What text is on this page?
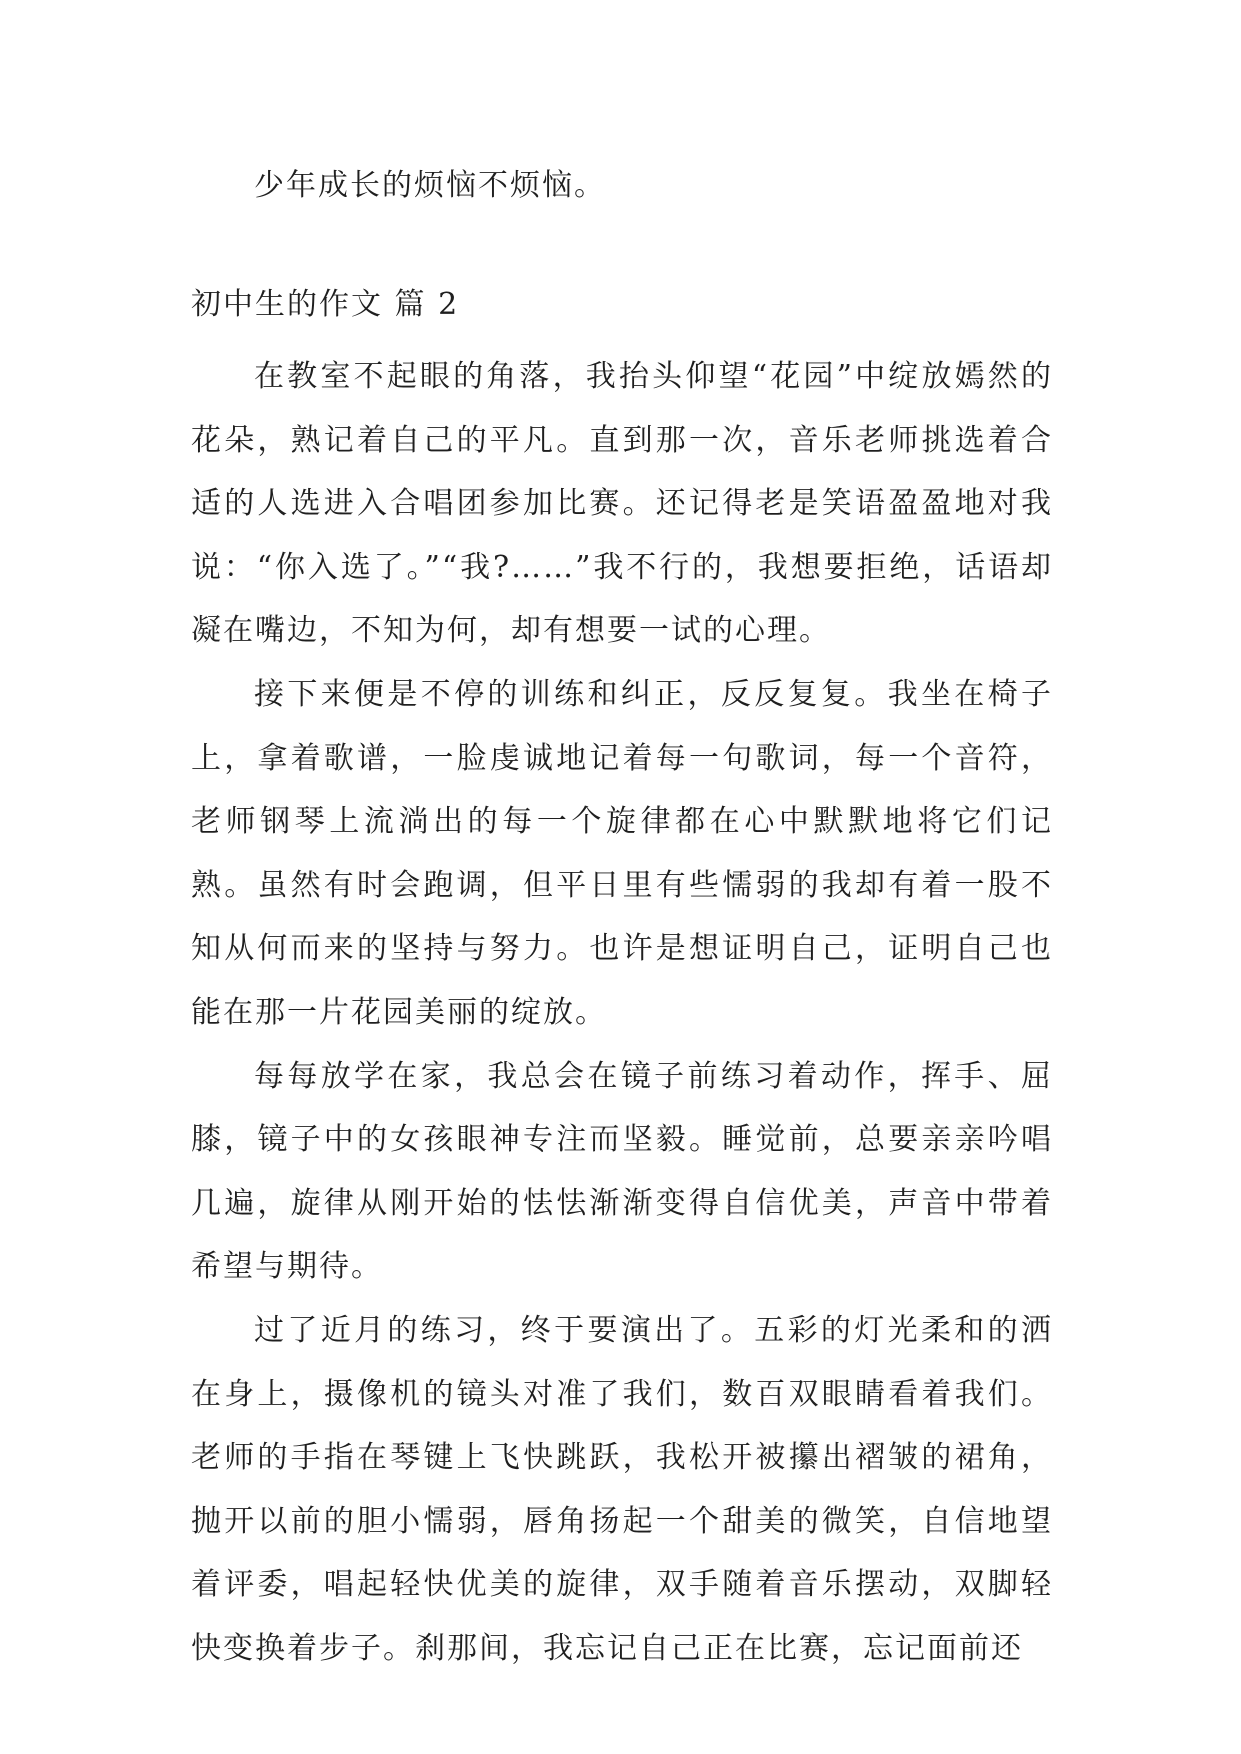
少年成长的烦恼不烦恼。

初中生的作文 篇 2

在教室不起眼的角落，我抬头仰望“花园”中绽放嫣然的花朵，熟记着自己的平凡。直到那一次，音乐老师挑选着合适的人选进入合唱团参加比赛。还记得老是笑语盈盈地对我说：“你入选了。”“我?……”我不行的，我想要拒绝，话语却凝在嘴边，不知为何，却有想要一试的心理。

接下来便是不停的训练和纠正，反反复复。我坐在椅子上，拿着歌谱，一脸虔诚地记着每一句歌词，每一个音符，老师钢琴上流淌出的每一个旋律都在心中默默地将它们记熟。虽然有时会跑调，但平日里有些懦弱的我却有着一股不知从何而来的坚持与努力。也许是想证明自己，证明自己也能在那一片花园美丽的绽放。

每每放学在家，我总会在镜子前练习着动作，挥手、屈膝，镜子中的女孩眼神专注而坚毅。睡觉前，总要亲亲吟唱几遍，旋律从刚开始的怯怯渐渐变得自信优美，声音中带着希望与期待。

过了近月的练习，终于要演出了。五彩的灯光柔和的洒在身上，摄像机的镜头对准了我们，数百双眼睛看着我们。老师的手指在琴键上飞快跳跃，我松开被攥出褶皱的裙角，抛开以前的胆小懦弱，唇角扬起一个甜美的微笑，自信地望着评委，唱起轻快优美的旋律，双手随着音乐摆动，双脚轻快变换着步子。刹那间，我忘记自己正在比赛，忘记面前还
